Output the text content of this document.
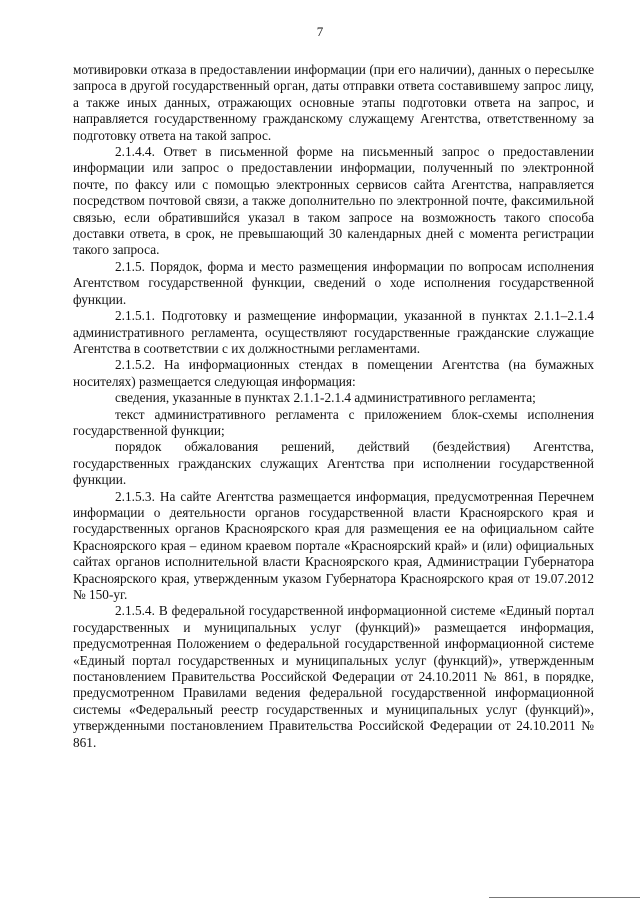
7

мотивировки отказа в предоставлении информации (при его наличии), данных о пересылке запроса в другой государственный орган, даты отправки ответа составившему запрос лицу, а также иных данных, отражающих основные этапы подготовки ответа на запрос, и направляется государственному гражданскому служащему Агентства, ответственному за подготовку ответа на такой запрос.

2.1.4.4. Ответ в письменной форме на письменный запрос о предоставлении информации или запрос о предоставлении информации, полученный по электронной почте, по факсу или с помощью электронных сервисов сайта Агентства, направляется посредством почтовой связи, а также дополнительно по электронной почте, факсимильной связью, если обратившийся указал в таком запросе на возможность такого способа доставки ответа, в срок, не превышающий 30 календарных дней с момента регистрации такого запроса.

2.1.5. Порядок, форма и место размещения информации по вопросам исполнения Агентством государственной функции, сведений о ходе исполнения государственной функции.

2.1.5.1. Подготовку и размещение информации, указанной в пунктах 2.1.1–2.1.4 административного регламента, осуществляют государственные гражданские служащие Агентства в соответствии с их должностными регламентами.

2.1.5.2. На информационных стендах в помещении Агентства (на бумажных носителях) размещается следующая информация:

сведения, указанные в пунктах 2.1.1-2.1.4 административного регламента;

текст административного регламента с приложением блок-схемы исполнения государственной функции;

порядок обжалования решений, действий (бездействия) Агентства, государственных гражданских служащих Агентства при исполнении государственной функции.

2.1.5.3. На сайте Агентства размещается информация, предусмотренная Перечнем информации о деятельности органов государственной власти Красноярского края и государственных органов Красноярского края для размещения ее на официальном сайте Красноярского края – едином краевом портале «Красноярский край» и (или) официальных сайтах органов исполнительной власти Красноярского края, Администрации Губернатора Красноярского края, утвержденным указом Губернатора Красноярского края от 19.07.2012 № 150-уг.

2.1.5.4. В федеральной государственной информационной системе «Единый портал государственных и муниципальных услуг (функций)» размещается информация, предусмотренная Положением о федеральной государственной информационной системе «Единый портал государственных и муниципальных услуг (функций)», утвержденным постановлением Правительства Российской Федерации от 24.10.2011 № 861, в порядке, предусмотренном Правилами ведения федеральной государственной информационной системы «Федеральный реестр государственных и муниципальных услуг (функций)», утвержденными постановлением Правительства Российской Федерации от 24.10.2011 № 861.
